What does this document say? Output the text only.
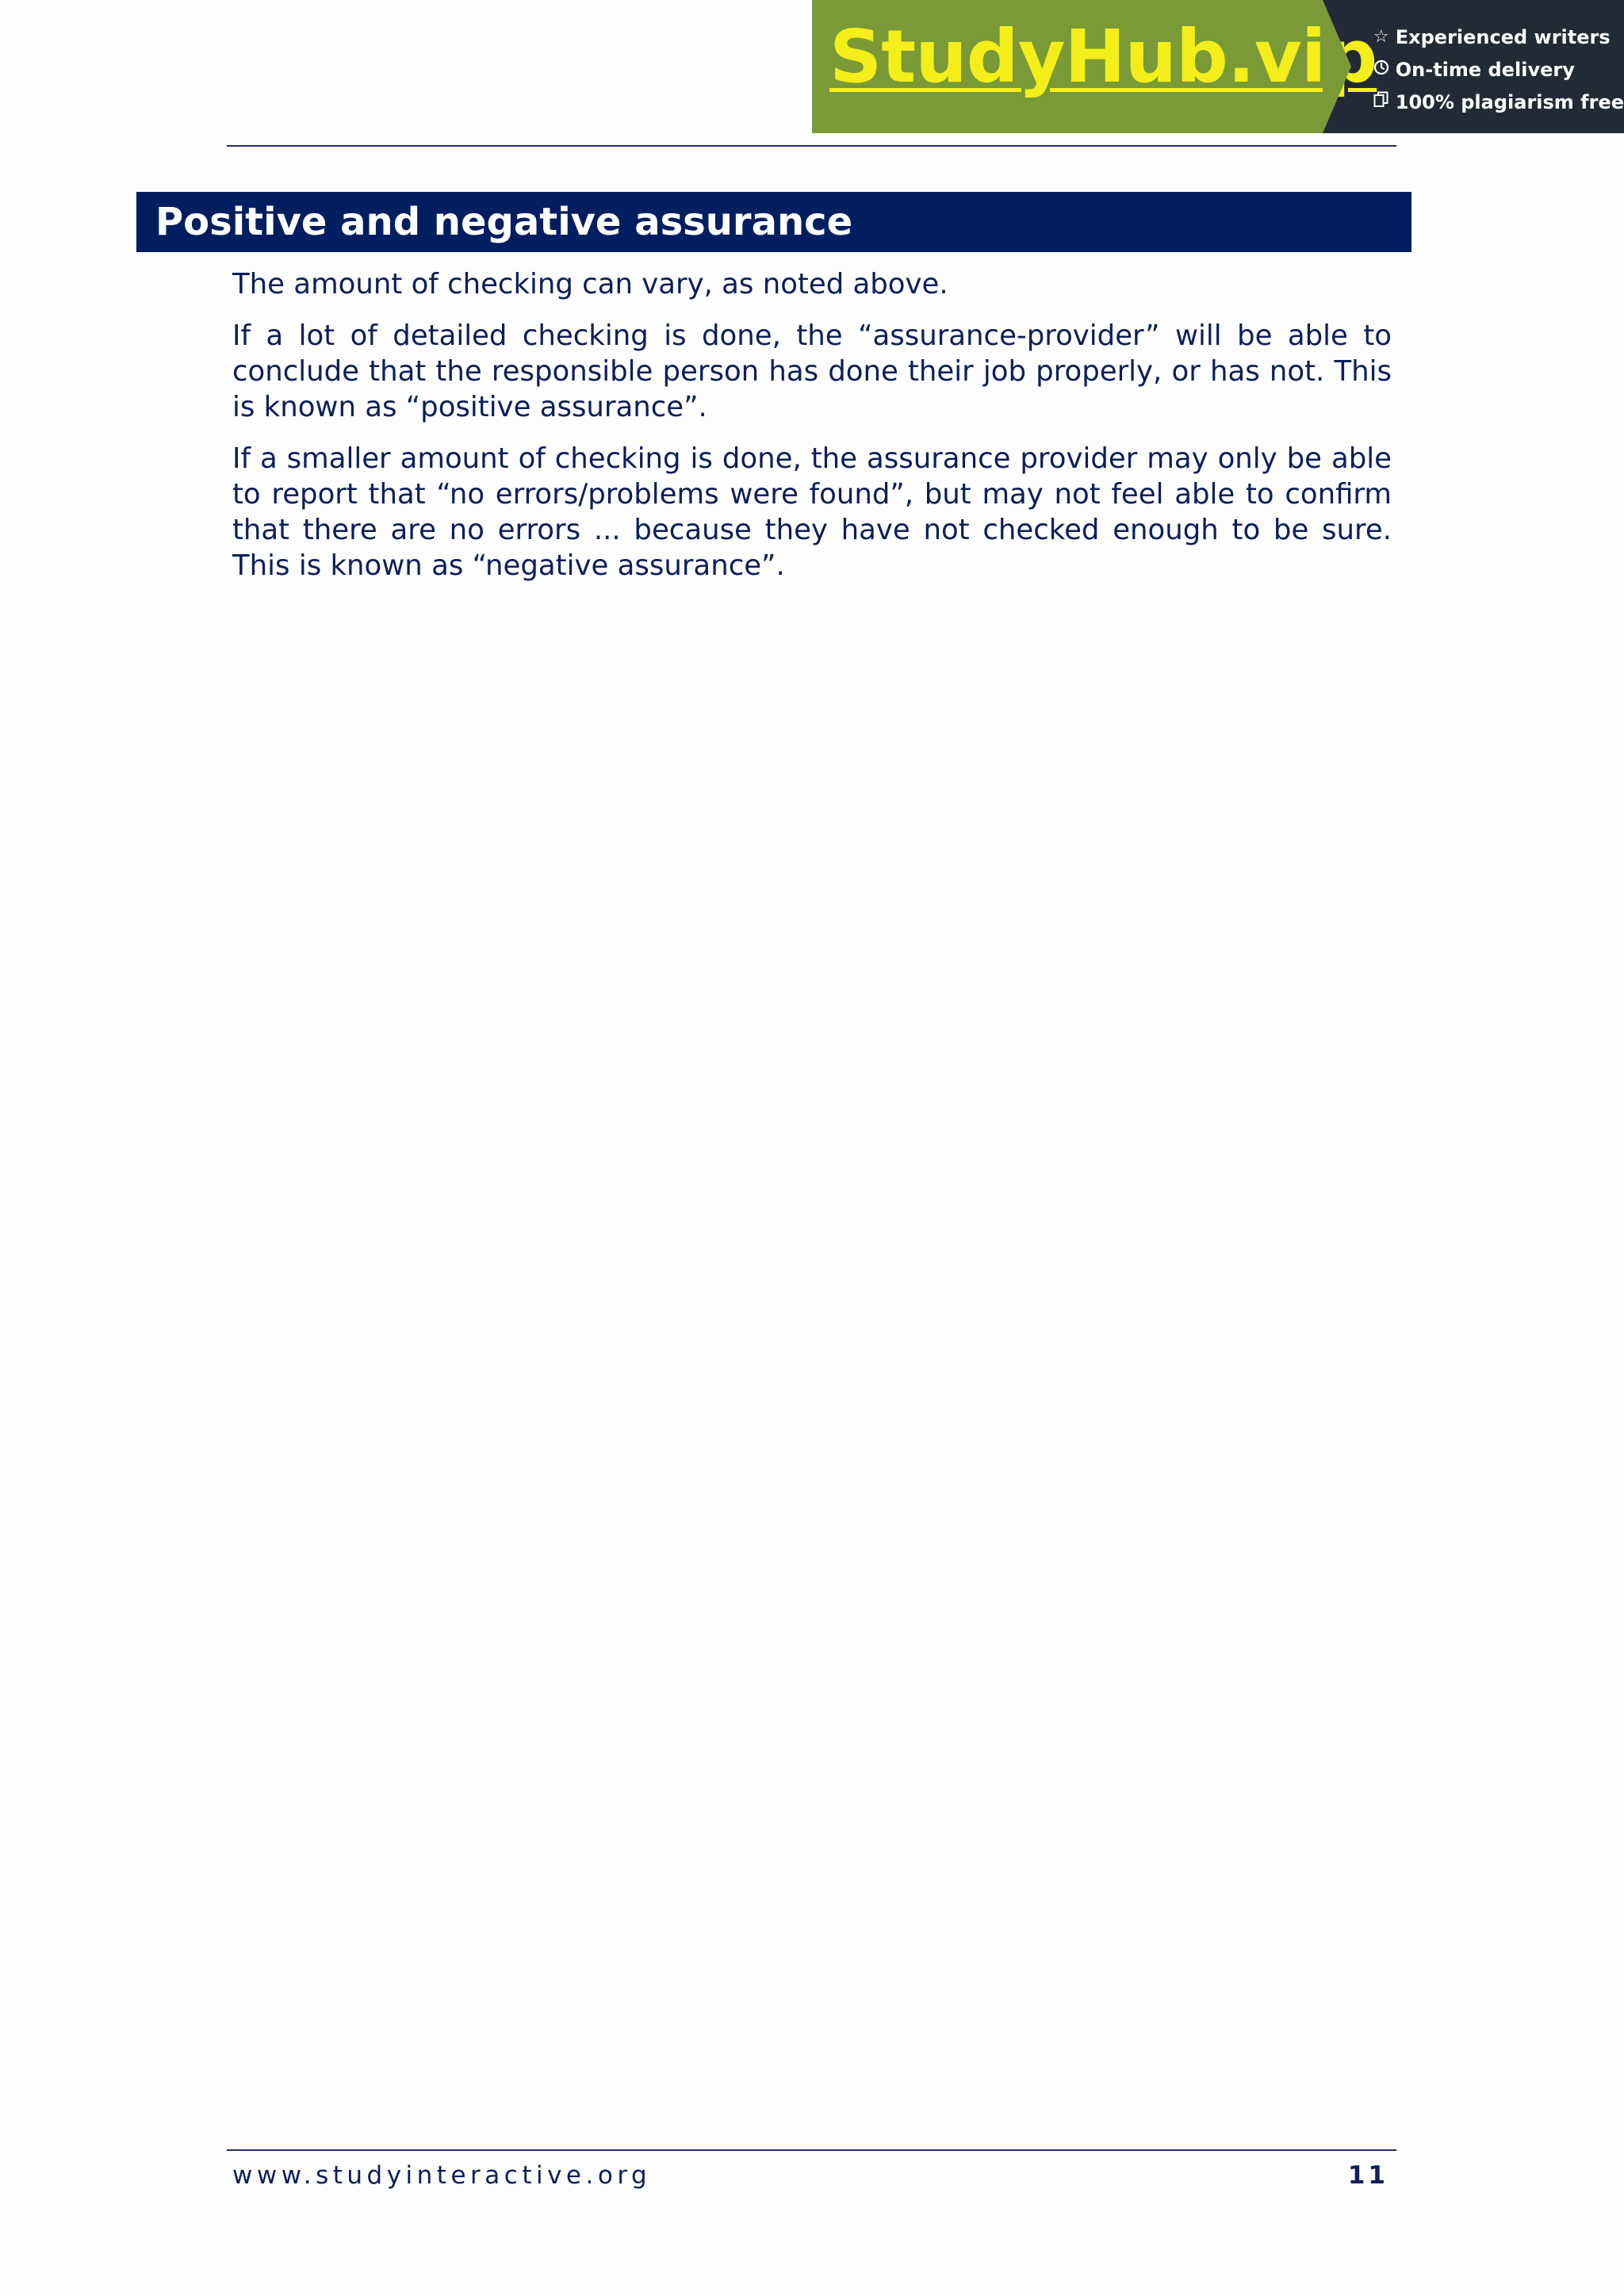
StudyHub.vip
☆ Experienced writers
On-time delivery
100% plagiarism free
Positive and negative assurance

The amount of checking can vary, as noted above.

If a lot of detailed checking is done, the “assurance-provider” will be able to conclude that the responsible person has done their job properly, or has not. This is known as “positive assurance”.

If a smaller amount of checking is done, the assurance provider may only be able to report that “no errors/problems were found”, but may not feel able to confirm that there are no errors ... because they have not checked enough to be sure. This is known as “negative assurance”.

www.studyinteractive.org	11
